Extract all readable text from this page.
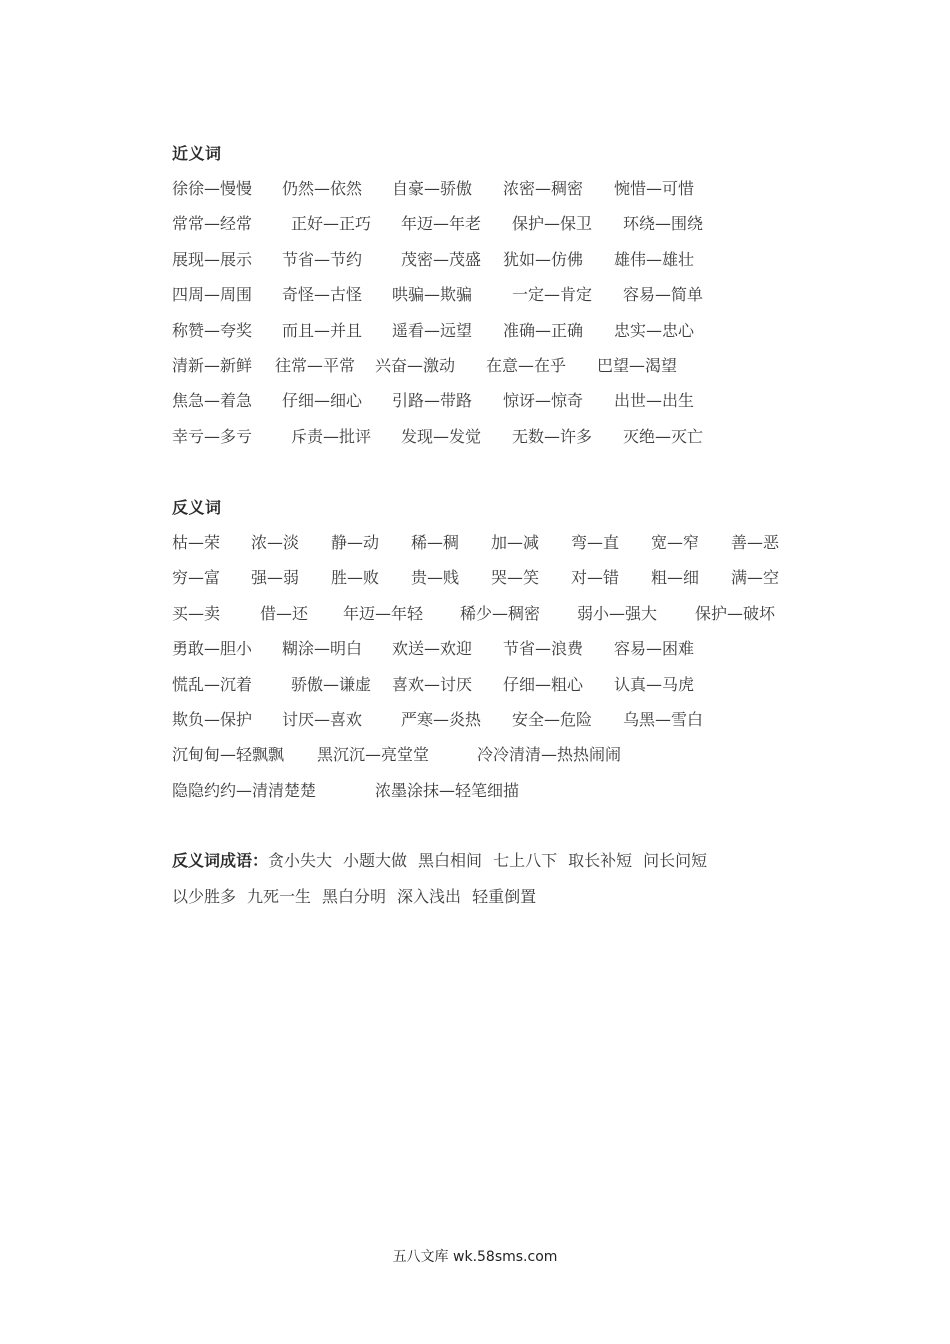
近义词
徐徐—慢慢 仍然—依然 自豪—骄傲 浓密—稠密 惋惜—可惜
常常—经常 正好—正巧 年迈—年老 保护—保卫 环绕—围绕
展现—展示 节省—节约 茂密—茂盛 犹如—仿佛 雄伟—雄壮
四周—周围 奇怪—古怪 哄骗—欺骗 一定—肯定 容易—简单
称赞—夸奖 而且—并且 遥看—远望 准确—正确 忠实—忠心
清新—新鲜 往常—平常 兴奋—激动 在意—在乎 巴望—渴望
焦急—着急 仔细—细心 引路—带路 惊讶—惊奇 出世—出生
幸亏—多亏 斥责—批评 发现—发觉 无数—许多 灭绝—灭亡
反义词
枯—荣 浓—淡 静—动 稀—稠 加—减 弯—直 宽—窄 善—恶
穷—富 强—弱 胜—败 贵—贱 哭—笑 对—错 粗—细 满—空
买—卖 借—还 年迈—年轻 稀少—稠密 弱小—强大 保护—破坏
勇敢—胆小 糊涂—明白 欢送—欢迎 节省—浪费 容易—困难
慌乱—沉着 骄傲—谦虚 喜欢—讨厌 仔细—粗心 认真—马虎
欺负—保护 讨厌—喜欢 严寒—炎热 安全—危险 乌黑—雪白
沉甸甸—轻飘飘 黑沉沉—亮堂堂	冷冷清清—热热闹闹
隐隐约约—清清楚楚	浓墨涂抹—轻笔细描
反义词成语：贪小失大 小题大做 黑白相间 七上八下 取长补短 问长问短
以少胜多 九死一生 黑白分明 深入浅出 轻重倒置
五八文库 wk.58sms.com
